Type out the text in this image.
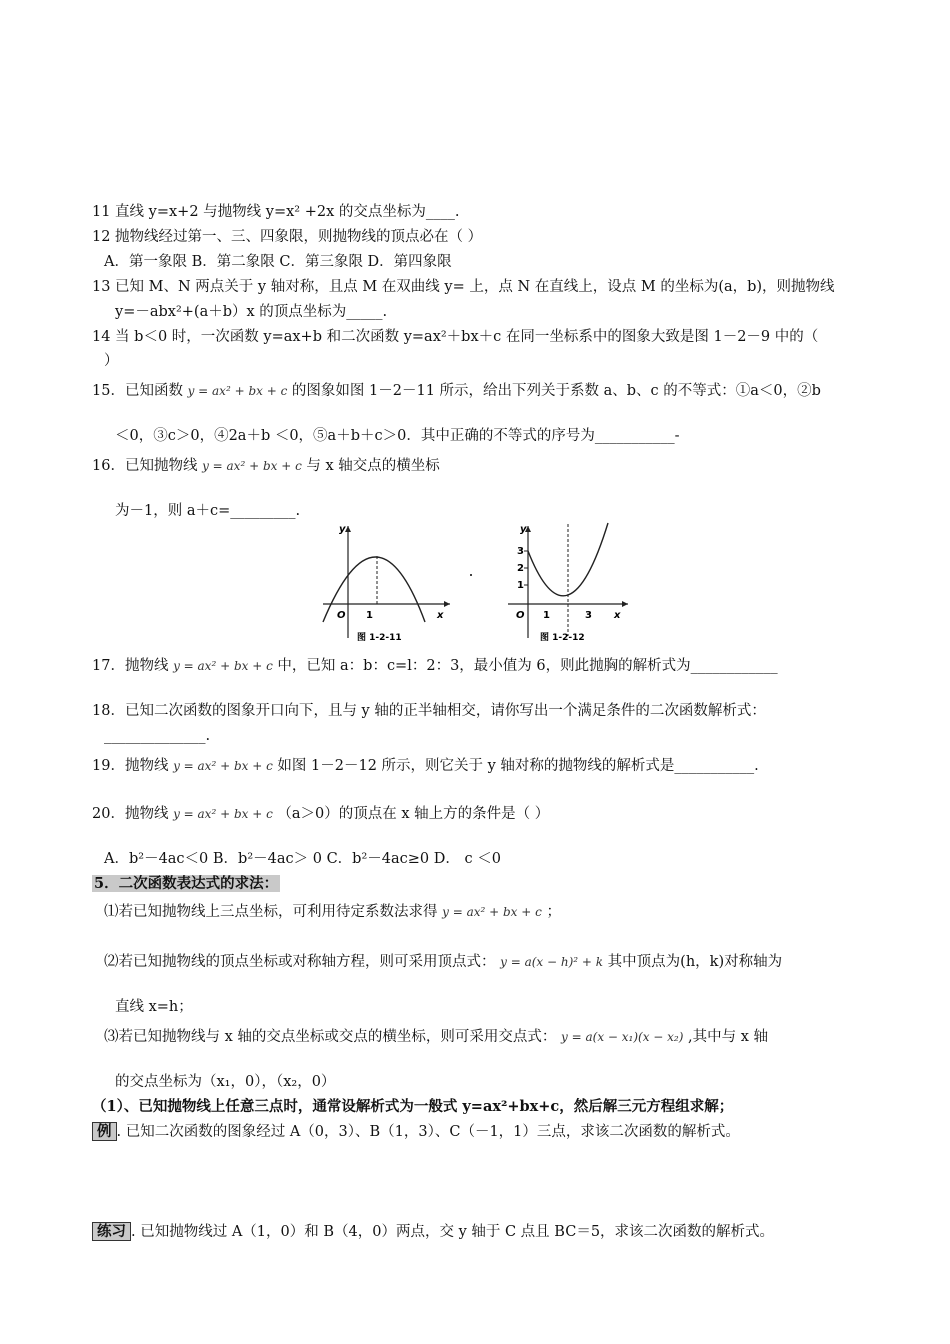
11 直线 y=x+2 与抛物线 y=x² +2x 的交点坐标为____.
12 抛物线经过第一、三、四象限，则抛物线的顶点必在（ ）
A．第一象限 B．第二象限 C．第三象限 D．第四象限
13 已知 M、N 两点关于 y 轴对称，且点 M 在双曲线 y= 上，点 N 在直线上，设点 M 的坐标为(a，b)，则抛物线
y=－abx²+(a＋b）x 的顶点坐标为_____.
14 当 b＜0 时，一次函数 y=ax+b 和二次函数 y=ax²＋bx＋c 在同一坐标系中的图象大致是图 1－2－9 中的（
）
15．已知函数 y = ax² + bx + c 的图象如图 1－2－11 所示，给出下列关于系数 a、b、c 的不等式：①a＜0，②b
＜0，③c＞0，④2a＋b ＜0，⑤a＋b＋c＞0．其中正确的不等式的序号为___________-
16．已知抛物线 y = ax² + bx + c 与 x 轴交点的横坐标
为－1，则 a＋c=_________.
y
x
O 1
图 1-2-11
y
x
O
3
2
1
1	3
图 1-2-12
17．抛物线 y = ax² + bx + c 中，已知 a：b：c=l：2：3，最小值为 6，则此抛胸的解析式为____________
18．已知二次函数的图象开口向下，且与 y 轴的正半轴相交，请你写出一个满足条件的二次函数解析式：
______________.
19．抛物线 y = ax² + bx + c 如图 1－2－12 所示，则它关于 y 轴对称的抛物线的解析式是___________.
20．抛物线 y = ax² + bx + c （a＞0）的顶点在 x 轴上方的条件是（ ）
A．b²－4ac＜0 B．b²－4ac＞ 0 C．b²－4ac≥0 D． c ＜0
5．二次函数表达式的求法：
⑴若已知抛物线上三点坐标，可利用待定系数法求得 y = ax² + bx + c ；
⑵若已知抛物线的顶点坐标或对称轴方程，则可采用顶点式： y = a(x − h)² + k 其中顶点为(h，k)对称轴为
直线 x=h；
⑶若已知抛物线与 x 轴的交点坐标或交点的横坐标，则可采用交点式： y = a(x − x₁)(x − x₂) ,其中与 x 轴
的交点坐标为（x₁，0），（x₂，0）
（1）、已知抛物线上任意三点时，通常设解析式为一般式 y=ax²+bx+c，然后解三元方程组求解；
例 . 已知二次函数的图象经过 A（0，3）、B（1，3）、C（－1，1）三点，求该二次函数的解析式。
练习 . 已知抛物线过 A（1，0）和 B（4，0）两点，交 y 轴于 C 点且 BC＝5，求该二次函数的解析式。
